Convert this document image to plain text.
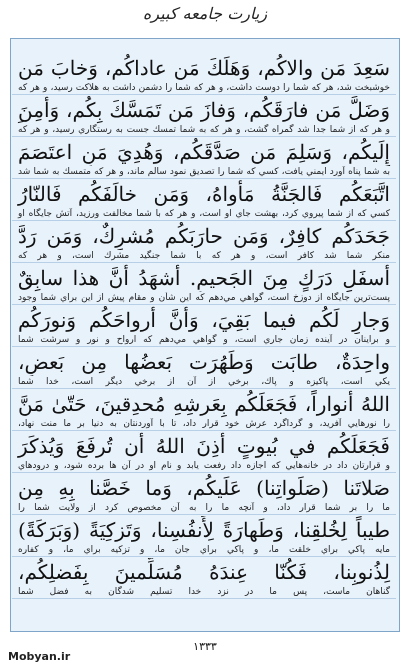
زیارت جامعه کبیره
سَعِدَ مَن والاكُم، وَهَلَكَ مَن عاداكُم، وَخابَ مَن
خوشبخت شد، هر كه شما را دوست داشت، و هر كه شما را دشمن داشت به هلاكت رسيد، و هر كه
وَضَلَّ مَن فارَقَكُم، وَفازَ مَن تَمَسَّكَ بِكُم، وَأَمِنَ
و هر كه از شما جدا شد گمراه گشت، و هر كه به شما تمسك جست به رستگاري رسيد، و هر كه
إِلَيكُم، وَسَلِمَ مَن صَدَّقَكُم، وَهُدِيَ مَنِ اعتَصَمَ
به شما پناه آورد ايمني يافت، كسي كه شما را تصديق نمود سالم ماند، و هر كه متمسك به شما شد
اتَّبَعَكُم فَالجَنَّةُ مَأواهُ، وَمَن خالَفَكُم فَالنّارُ
كسي كه از شما پيروي كرد، بهشت جاي او است، و هر كه با شما مخالفت ورزيد، آتش جايگاه او
جَحَدَكُم كافِرٌ، وَمَن حارَبَكُم مُشرِكٌ، وَمَن رَدَّ
منكر شما شد كافر است، و هر كه با شما جنگيد مشرك است، و هر كه
أَسفَلِ دَرَكٍ مِنَ الجَحيمِ. أَشهَدُ أَنَّ هذا سابِقٌ
پست‌ترين جايگاه از دوزخ است، گواهي مي‌دهم كه اين شأن و مقام پيش از اين براي شما وجود
وَجارٍ لَكُم فيما بَقِيَ، وَأَنَّ أَرواحَكُم وَنورَكُم
و براينان در آينده زمان جاري است، و گواهي مي‌دهم كه ارواح و نور و سرشت شما
واحِدَةٌ، طابَت وَطَهُرَت بَعضُها مِن بَعضٍ،
يكي است، پاكيزه و پاك، برخي از آن از برخي ديگر است، خدا شما
اللهُ أَنواراً، فَجَعَلَكُم بِعَرشِهِ مُحدِقينَ، حَتّىٰ مَنَّ
را نورهايي آفريد، و گرداگرد عرش خود قرار داد، تا با آوردنتان به دنيا بر ما منت نهاد،
فَجَعَلَكُم في بُيوتٍ أَذِنَ اللهُ أَن تُرفَعَ وَيُذكَرَ
و قرارتان داد در خانه‌هايي كه اجازه داد رفعت يابد و نام او در آن ها برده شود، و درودهاي
صَلاتَنا (صَلَواتِنا) عَلَيكُم، وَما خَصَّنا بِهِ مِن
ما را بر شما قرار داد، و آنچه ما را به آن مخصوص كرد از ولايت شما را
طيباً لِخُلقِنا، وَطَهارَةً لِأَنفُسِنا، وَتَزكِيَةً (وَبَرَكَةً)
مايه پاكي براي خلقت ما، و پاكي براي جان ما، و تزكيه براي ما، و كفاره
لِذُنوبِنا، فَكُنّا عِندَهُ مُسَلِّمينَ بِفَضلِكُم،
گناهان ماست، پس ما در نزد خدا تسليم شدگان به فضل شما
۱۳۳۳
Mobyan.ir
